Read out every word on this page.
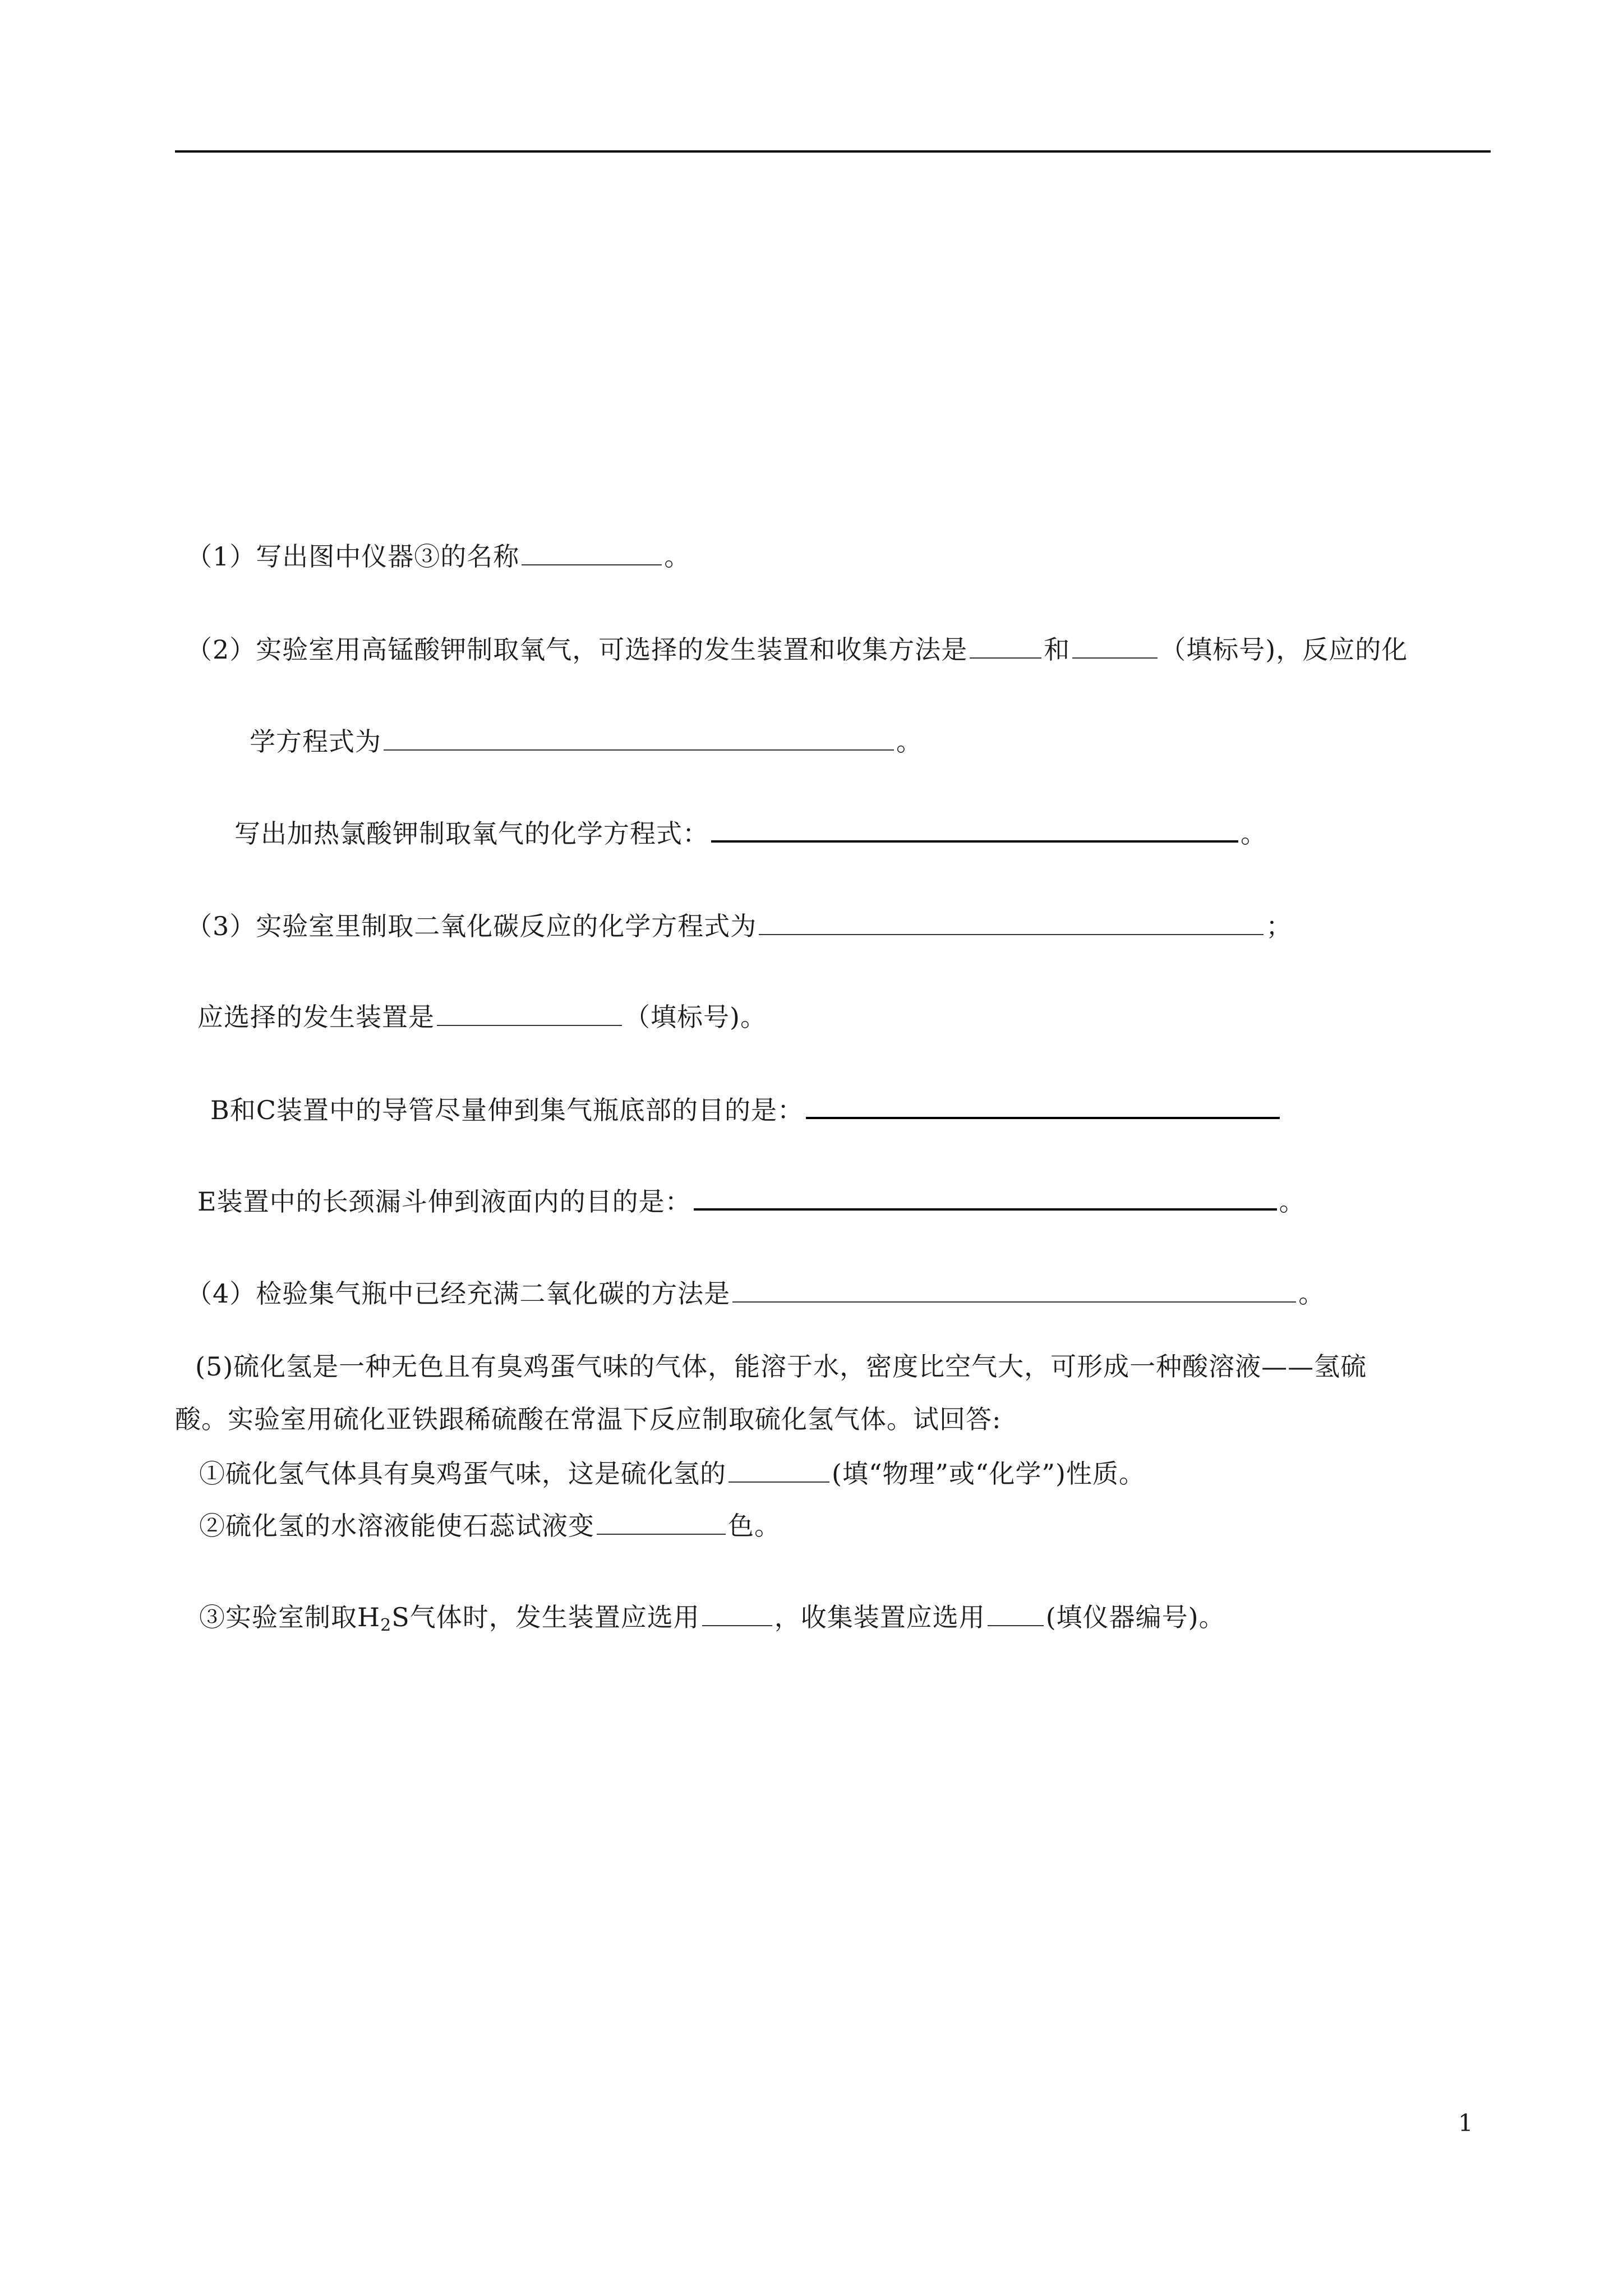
（1）写出图中仪器③的名称	。
（2）实验室用高锰酸钾制取氧气，可选择的发生装置和收集方法是	和	（填标号)，反应的化
学方程式为	。
写出加热氯酸钾制取氧气的化学方程式：	。
（3）实验室里制取二氧化碳反应的化学方程式为	；
应选择的发生装置是	（填标号)。
B和C装置中的导管尽量伸到集气瓶底部的目的是：
E装置中的长颈漏斗伸到液面内的目的是：	。
（4）检验集气瓶中已经充满二氧化碳的方法是	。
(5)硫化氢是一种无色且有臭鸡蛋气味的气体，能溶于水，密度比空气大，可形成一种酸溶液——氢硫
酸。实验室用硫化亚铁跟稀硫酸在常温下反应制取硫化氢气体。试回答:
①硫化氢气体具有臭鸡蛋气味，这是硫化氢的	(填“物理”或“化学”)性质。
②硫化氢的水溶液能使石蕊试液变	色。
③实验室制取$H_2S$气体时，发生装置应选用	，收集装置应选用 (填仪器编号)。
1
